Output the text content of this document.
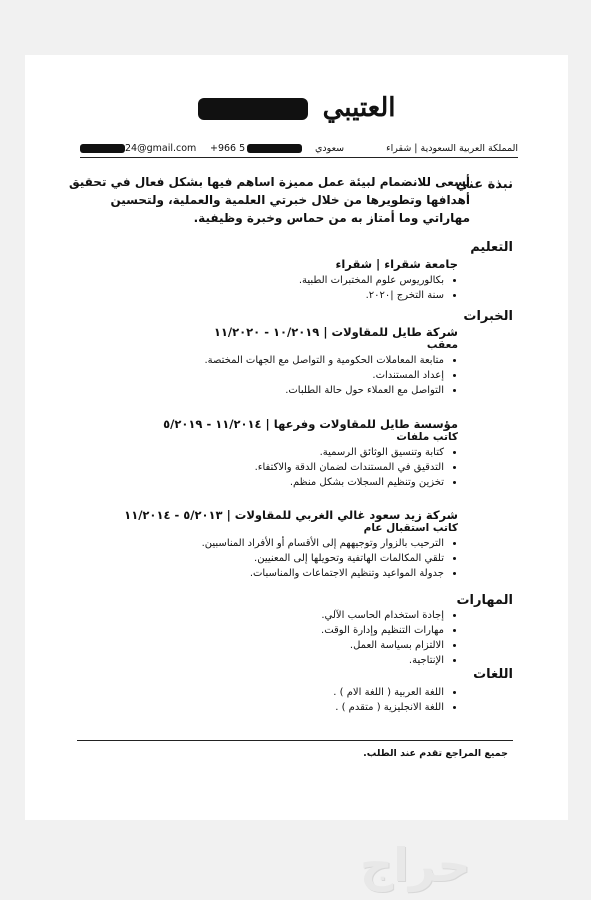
العتيبي
المملكة العربية السعودية | شقراء
سعودي
+966 5
24@gmail.com
نبذة عني
أسعى للانضمام لبيئة عمل مميزة اساهم فيها بشكل فعال في تحقيق أهدافها وتطويرها من خلال خبرتي العلمية والعملية، ولتحسين مهاراتي وما أمتاز به من حماس وخبرة وظيفية.
التعليم

جامعة شقراء | شقراء

• بكالوريوس علوم المختبرات الطبية.
• سنة التخرج |٢٠٢٠.
الخبرات

شركة طايل للمقاولات | ١٠/٢٠١٩ - ١١/٢٠٢٠

معقب

• متابعة المعاملات الحكومية و التواصل مع الجهات المختصة.
• إعداد المستندات.
• التواصل مع العملاء حول حالة الطلبات.

مؤسسة طايل للمقاولات وفرعها | ١١/٢٠١٤ - ٥/٢٠١٩

كاتب ملفات

• كتابة وتنسيق الوثائق الرسمية.
• التدقيق في المستندات لضمان الدقة والاكتفاء.
• تخزين وتنظيم السجلات بشكل منظم.

شركة زيد سعود غالي الغربي للمقاولات | ٥/٢٠١٣ - ١١/٢٠١٤

كاتب استقبال عام

• الترحيب بالزوار وتوجيههم إلى الأقسام أو الأفراد المناسبين.
• تلقي المكالمات الهاتفية وتحويلها إلى المعنيين.
• جدولة المواعيد وتنظيم الاجتماعات والمناسبات.
المهارات
• إجادة استخدام الحاسب الآلي.
• مهارات التنظيم وإدارة الوقت.
• الالتزام بسياسة العمل.
• الإنتاجية.
اللغات
• اللغة العربية ( اللغة الام ) .
• اللغة الانجليزية ( متقدم ) .
جميع المراجع تقدم عند الطلب.
حراج
